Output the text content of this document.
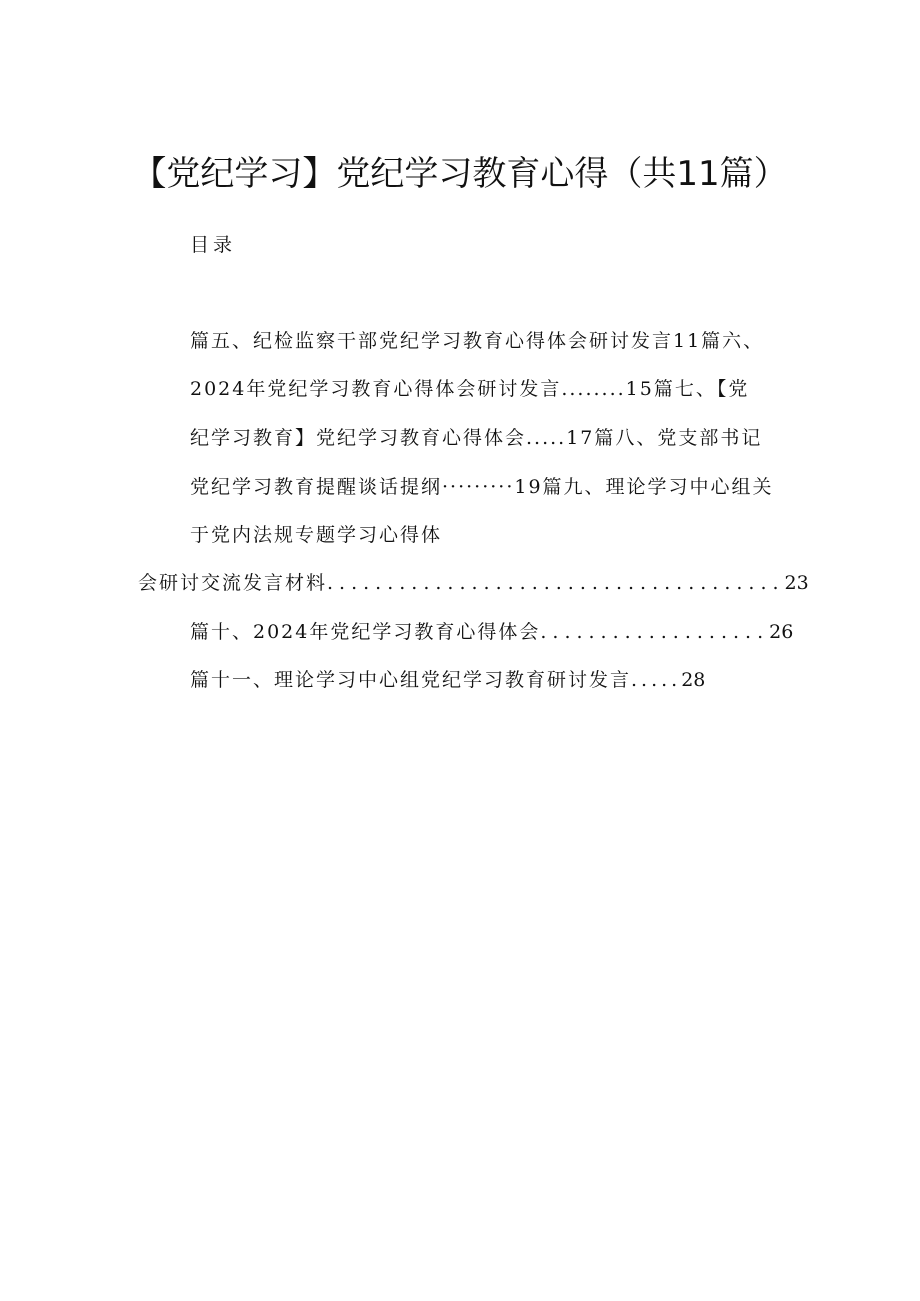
【党纪学习】党纪学习教育心得（共11篇）
目录
篇五、纪检监察干部党纪学习教育心得体会研讨发言11篇六、
2024年党纪学习教育心得体会研讨发言........15篇七、【党
纪学习教育】党纪学习教育心得体会.....17篇八、党支部书记
党纪学习教育提醒谈话提纲·········19篇九、理论学习中心组关
于党内法规专题学习心得体
会研讨交流发言材料 ...................................... 23
篇十、2024年党纪学习教育心得体会 ................... 26
篇十一、理论学习中心组党纪学习教育研讨发言 ..... 28
